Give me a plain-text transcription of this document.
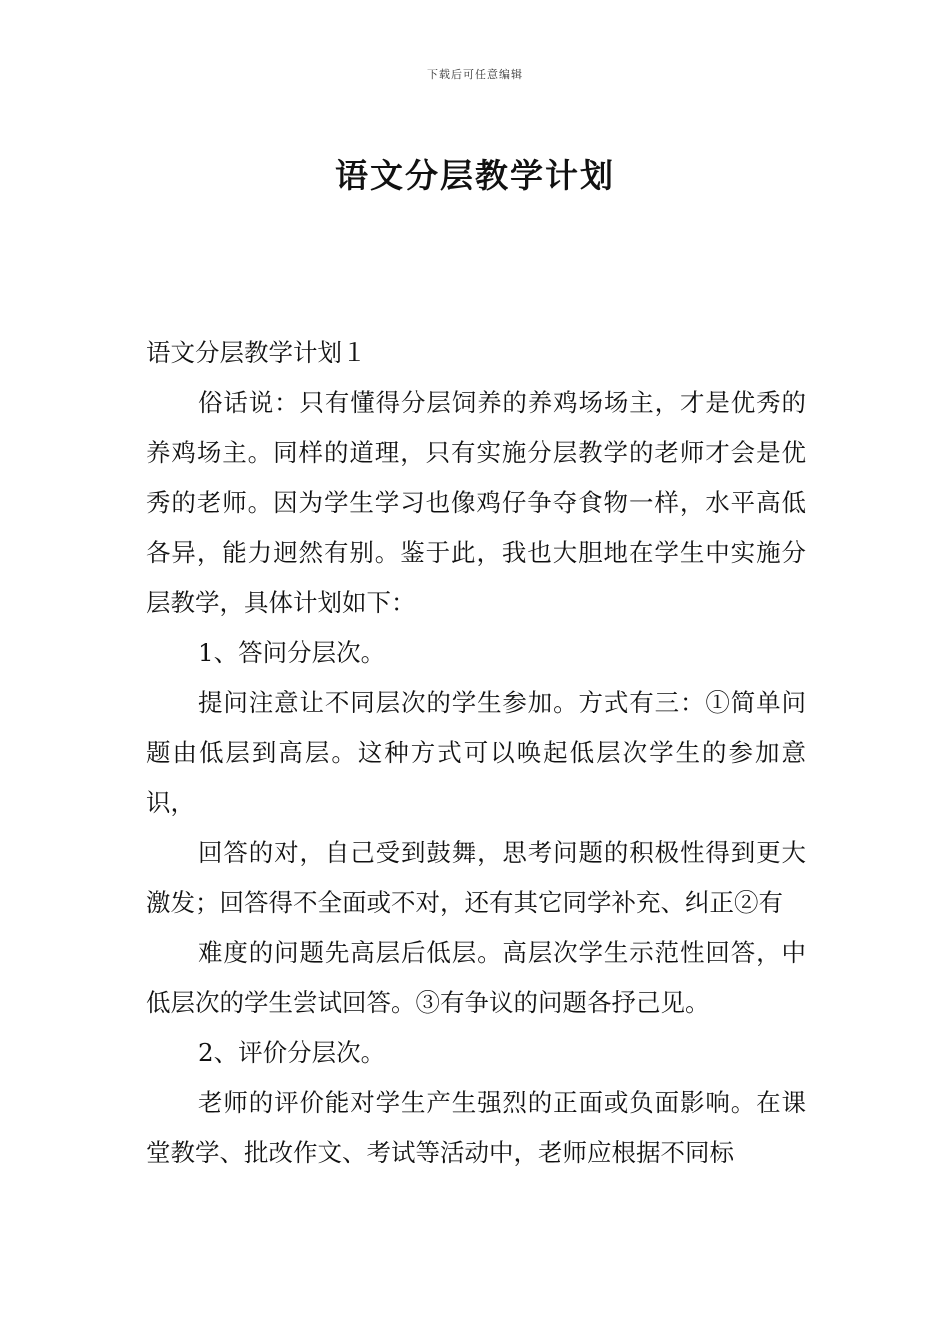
下载后可任意编辑
语文分层教学计划

语文分层教学计划１

俗话说：只有懂得分层饲养的养鸡场场主，才是优秀的养鸡场主。同样的道理，只有实施分层教学的老师才会是优秀的老师。因为学生学习也像鸡仔争夺食物一样，水平高低各异，能力迥然有别。鉴于此，我也大胆地在学生中实施分层教学，具体计划如下：

1、答问分层次。

提问注意让不同层次的学生参加。方式有三：①简单问题由低层到高层。这种方式可以唤起低层次学生的参加意识，

回答的对，自己受到鼓舞，思考问题的积极性得到更大激发；回答得不全面或不对，还有其它同学补充、纠正②有

难度的问题先高层后低层。高层次学生示范性回答，中低层次的学生尝试回答。③有争议的问题各抒己见。

2、评价分层次。

老师的评价能对学生产生强烈的正面或负面影响。在课堂教学、批改作文、考试等活动中，老师应根据不同标
